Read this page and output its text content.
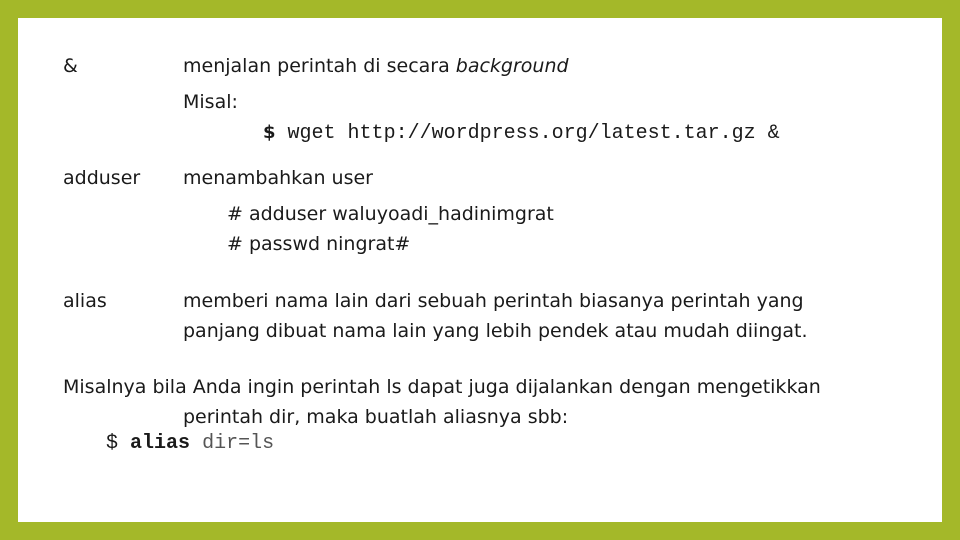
&	menjalan perintah di secara background
Misal:
$ wget http://wordpress.org/latest.tar.gz &
adduser menambahkan user
# adduser waluyoadi_hadinimgrat
# passwd ningrat#
alias	memberi nama lain dari sebuah perintah biasanya perintah yang
panjang dibuat nama lain yang lebih pendek atau mudah diingat.
Misalnya bila Anda ingin perintah ls dapat juga dijalankan dengan mengetikkan
perintah dir, maka buatlah aliasnya sbb:
$ alias dir=ls
